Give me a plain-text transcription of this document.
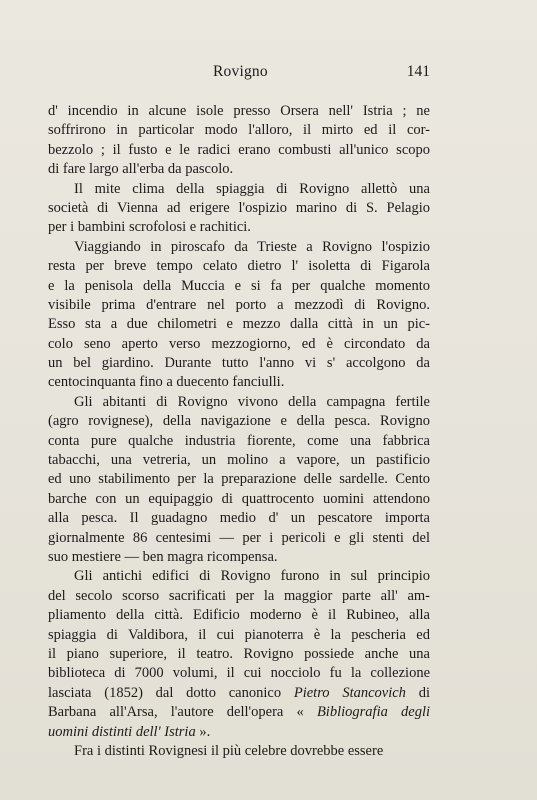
Rovigno	141
d' incendio in alcune isole presso Orsera nell' Istria ; ne
soffrirono in particolar modo l'alloro, il mirto ed il cor-
bezzolo ; il fusto e le radici erano combusti all'unico scopo
di fare largo all'erba da pascolo.
Il mite clima della spiaggia di Rovigno allettò una
società di Vienna ad erigere l'ospizio marino di S. Pelagio
per i bambini scrofolosi e rachitici.
Viaggiando in piroscafo da Trieste a Rovigno l'ospizio
resta per breve tempo celato dietro l' isoletta di Figarola
e la penisola della Muccia e si fa per qualche momento
visibile prima d'entrare nel porto a mezzodì di Rovigno.
Esso sta a due chilometri e mezzo dalla città in un pic-
colo seno aperto verso mezzogiorno, ed è circondato da
un bel giardino. Durante tutto l'anno vi s' accolgono da
centocinquanta fino a duecento fanciulli.
Gli abitanti di Rovigno vivono della campagna fertile
(agro rovignese), della navigazione e della pesca. Rovigno
conta pure qualche industria fiorente, come una fabbrica
tabacchi, una vetreria, un molino a vapore, un pastificio
ed uno stabilimento per la preparazione delle sardelle. Cento
barche con un equipaggio di quattrocento uomini attendono
alla pesca. Il guadagno medio d' un pescatore importa
giornalmente 86 centesimi — per i pericoli e gli stenti del
suo mestiere — ben magra ricompensa.
Gli antichi edifici di Rovigno furono in sul principio
del secolo scorso sacrificati per la maggior parte all' am-
pliamento della città. Edificio moderno è il Rubineo, alla
spiaggia di Valdibora, il cui pianoterra è la pescheria ed
il piano superiore, il teatro. Rovigno possiede anche una
biblioteca di 7000 volumi, il cui nocciolo fu la collezione
lasciata (1852) dal dotto canonico Pietro Stancovich di
Barbana all'Arsa, l'autore dell'opera « Bibliografia degli
uomini distinti dell' Istria ».
Fra i distinti Rovignesi il più celebre dovrebbe essere
